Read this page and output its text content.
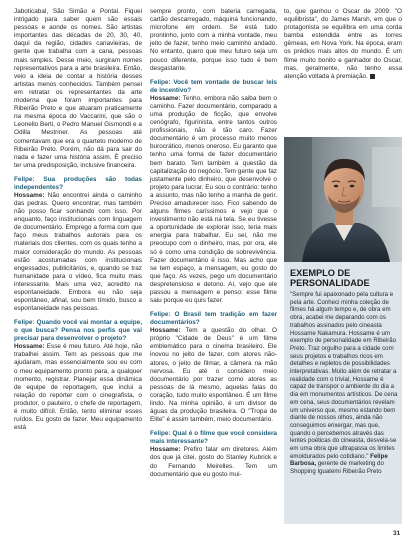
Jaboticabal, São Simão e Pontal. Fiquei intrigado para saber quem são essais pessoas e aonde os nomes. São artistas importantes das décadas de 20, 30, 40, daqui da região, cidades canavieiras, de gente que trabalha com a cana, pessoas mais simples. Desse meio, surgiram nomes representativos para a arte brasileira. Então, veio a ideia de contar a história desses artistas menos conhecidos. Também pensei em retratar os representantes da arte moderna que foram importantes para Ribeirão Preto e que atuaram praticamente na mesma época do Vaccarini, que são o Leonello Berti, o Pedro Manuel Gismondi e a Odilla Mestriner. As pessoas até comentavam que era o quarteto moderno de Ribeirão Preto. Porém, não dá para sair do nada e fazer uma história assim. É preciso ter uma predisposição, inclusive financeira.

Felipe: Sua produções são todas independentes?

Hossame: Não encontrei ainda o caminho das pedras. Quero encontrar, mas também não posso ficar sonhando com isso. Por enquanto, faço institucionais com linguagem de documentário. Emprego a forma com que faço meus trabalhos autorais para os materiais dos clientes, com os quais tenho a maior consideração do mundo. As pessoas estão acostumadas com institucionais engessados, publicitários, e, quando se traz humanidade para o vídeo, fica muito mais interessante. Mais uma vez, acredito na espontaneidade. Embora eu não seja espontâneo, afinal, sou bem tímido, busco a espontaneidade nas pessoas.

Felipe: Quando você vai montar a equipe, o que busca? Pensa nos perfis que vai precisar para desenvolver o projeto?

Hossame: Esse é meu futuro. Até hoje, não trabalhei assim. Tem as pessoas que me ajudaram, mas essencialmente sou eu com o meu equipamento pronto para, a qualquer momento, registrar. Planejar essa dinâmica de equipe de reportagem, que inclui a relação do repórter com o cinegrafista, o produtor, o pauteiro, o chefe de reportagem, é muito difícil. Então, tento eliminar esses ruídos. Eu gosto de fazer. Meu equipamento está

sempre pronto, com bateria carregada, cartão descarregado, máquina funcionando, microfone em ordem. Se está tudo prontinho, junto com a minha vontade, meu jeito de fazer, tenho meio caminho andado. No entanto, quero que meu futuro seja um pouco diferente, porque isso tudo é bem desgastante.

Felipe: Você tem vontade de buscar leis de incentivo?

Hossame: Tenho, embora não saiba bem o caminho. Fazer documentário, comparado a uma produção de ficção, que envolve cenógrafo, figurinista, entre tantos outros profissionais, não é tão caro. Fazer documentário é um processo muito menos burocrático, menos oneroso. Eu garanto que tenho uma forma de fazer documentário bem barato. Tem também a questão da capitalização do negócio. Tem gente que faz justamente pelo dinheiro, que desenvolve o projeto para lucrar. Eu sou o contrário: tenho a assunto, mas não tenho a manha de gerir. Preciso amadurecer isso. Fico sabendo de alguns filmes caríssimos e vejo que o investimento não está na tela. Se eu tivesse a oportunidade de explorar isso, teria mais energia para trabalhar. Eu sei, não me preocupo com o dinheiro, mas, por ora, ele só é como uma condição de sobrevivência. Fazer documentário é isso. Mas acho que se tem espaço, a mensagem, eu gosto do que faço. As vezes, pego um documentário despretensioso e detono. Aí, vejo que ele passou a mensagem e penso: esse filme saiu porque eu quis fazer.

Felipe: O Brasil tem tradição em fazer documentários?

Hossame: Tem a questão do olhar. O próprio "Cidade de Deus" é um filme emblemático para o cinema brasileiro. Ele inovou no jeito de fazer, com atores não-atores, o jeito de filmar, a câmera na mão nervosa. Eu até o considero meio documentário por trazer como atores as pessoas de lá mesmo, aquelas falas do coração, tudo muito espontâneo. É um filme lindo. Na minha opinião, é um divisor de águas da produção brasileira. O "Tropa de Elite" é assim também, meio documentário.

Felipe: Qual é o filme que você considera mais interessante?

Hossame: Prefiro falar em diretores. Além dos que já citei, gosto do Stanley Kubrick e do Fernando Meirelles. Tem um documentário que eu gosto mui-

to, que ganhou o Oscar de 2009: "O equilibrista", do James Marsh, em que o protagonista se equilibra em uma corda bamba estendida entre as torres gêmeas, em Nova York. Na época, eram os prédios mais altos do mundo. É um filme muito bonito e ganhador do Oscar, mas, geralmente, não tenho essa atenção voltada à premiação.
EXEMPLO DE PERSONALIDADE
"Sempre fui apaixonado pela cultura e pela arte. Conheci minha coleção de filmes há algum tempo e, de obra em obra, acabei me deparando com os trabalhos assinados pelo cineasta Hossame Nakamura. Hossame é um exemplo de personalidade em Ribeirão Preto. Traz orgulho para a cidade com seus projetos e trabalhos ricos em detalhes e repletos de possibilidades interpretativas. Muito além de retratar a realidade com o trivial, Hossame é capaz de transpor o ambiente do dia a dia em monumentos artísticos. De cena em cena, seus documentários revelam um universo que, mesmo estando bem diante de nossos olhos, ainda não conseguimos enxergar, mas que, quando o percebemos através das lentes poéticas do cineasta, desvela-se em uma obra que ultrapassa os limites emoldurados pelo cotidiano." Felipe Barbosa, gerente de marketing do Shopping Iguatemi Ribeirão Preto
31
